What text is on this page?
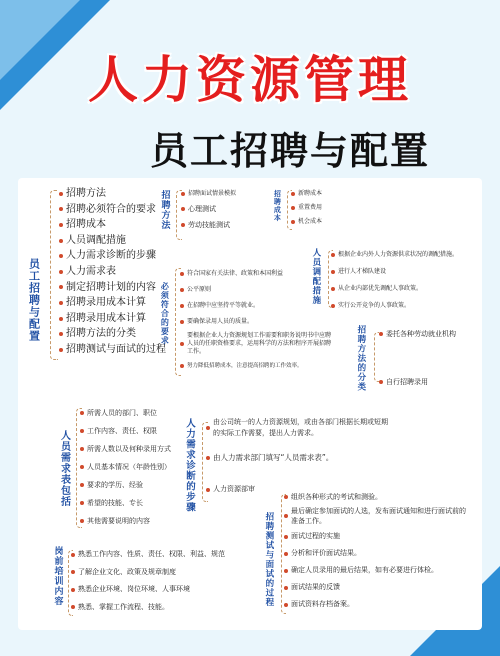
人力资源管理
员工招聘与配置
员工招聘与配置
招聘方法
招聘必须符合的要求
招聘成本
人员调配措施
人力需求诊断的步骤
人力需求表
制定招聘计划的内容
招聘录用成本计算
招聘录用成本计算
招聘方法的分类
招聘测试与面试的过程
招聘方法	招聘面试情景模拟
心理测试
劳动技能测试
招聘成本	新聘成本
重置费用
机会成本
必须符合的要求
符合国家有关法律、政策和本国利益
公平原则
在招聘中应坚持平等就业。
要确保录用人员的质量。
要根据企业人力资源规划工作需要和职务说明书中应聘人员的任职资格要求，运用科学的方法和程序开展招聘工作。
努力降低招聘成本，注意提高招聘的工作效率。
人员调配措施	根据企业内外人力资源供求状况的调配措施。
进行人才梯队建设
从企业内部优先调配人事政策。
实行公开竞争的人事政策。
招聘方法的分类	委托各种劳动就业机构
自行招聘录用
人员需求表包括
所需人员的部门、职位
工作内容、责任、权限
所需人数以及何种录用方式
人员基本情况（年龄性别）
要求的学历、经验
希望的技能、专长
其他需要说明的内容
人力需求诊断的步骤	由公司统一的人力资源规划，或由各部门根据长期或短期的实际工作需要，提出人力需求。
由人力需求部门填写“人员需求表”。
人力资源部审
岗前培训内容 熟悉工作内容、性质、责任、权限、利益、规范
了解企业文化、政策及规章制度
熟悉企业环境、岗位环境、人事环境
熟悉、掌握工作流程、技能。	招聘测试与面试的过程
组织各种形式的考试和测验。
最后确定参加面试的人选，发布面试通知和进行面试前的准备工作。
面试过程的实施
分析和评价面试结果。
确定人员录用的最后结果，如有必要进行体检。
面试结果的反馈
面试资料存档备案。
